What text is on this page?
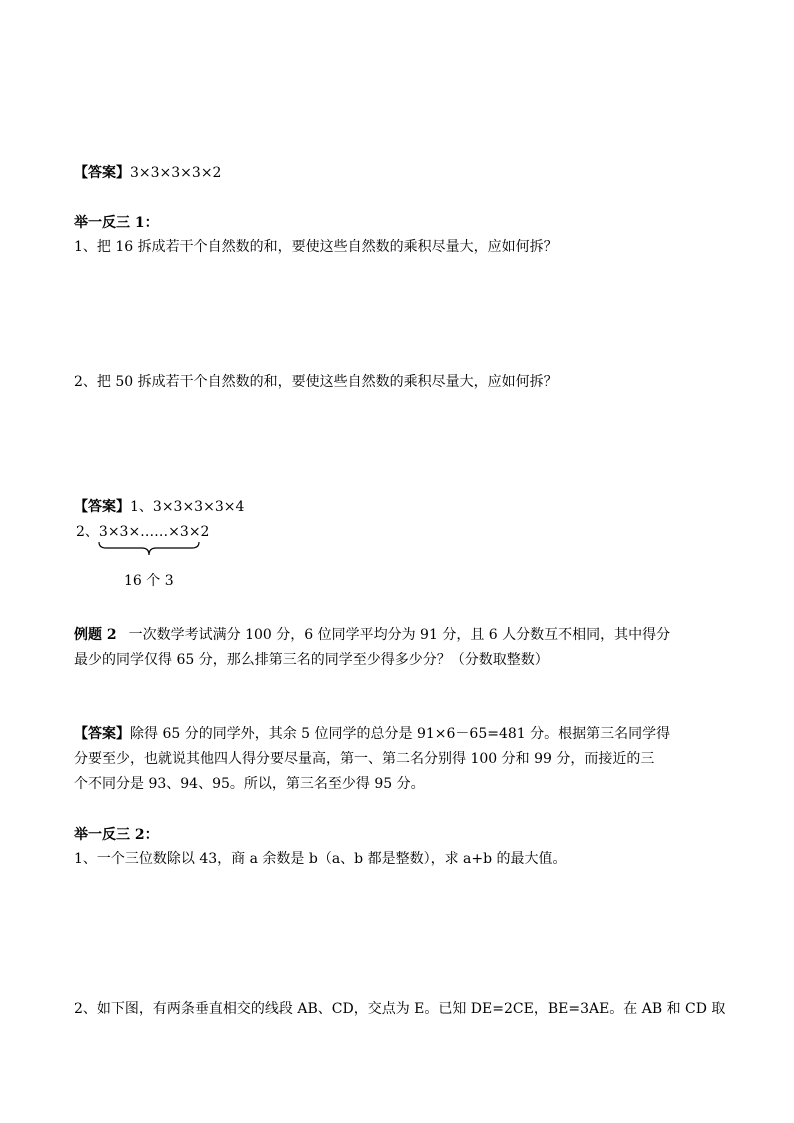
【答案】3×3×3×3×2
举一反三 1：
1、把 16 拆成若干个自然数的和，要使这些自然数的乘积尽量大，应如何拆？
2、把 50 拆成若干个自然数的和，要使这些自然数的乘积尽量大，应如何拆？
【答案】1、3×3×3×3×4
2、3×3×……×3×2
16 个 3
例题 2 一次数学考试满分 100 分，6 位同学平均分为 91 分，且 6 人分数互不相同，其中得分
最少的同学仅得 65 分，那么排第三名的同学至少得多少分？（分数取整数）
【答案】除得 65 分的同学外，其余 5 位同学的总分是 91×6－65=481 分。根据第三名同学得
分要至少，也就说其他四人得分要尽量高，第一、第二名分别得 100 分和 99 分，而接近的三
个不同分是 93、94、95。所以，第三名至少得 95 分。
举一反三 2：
1、一个三位数除以 43，商 a 余数是 b（a、b 都是整数），求 a+b 的最大值。
2、如下图，有两条垂直相交的线段 AB、CD，交点为 E。已知 DE=2CE，BE=3AE。在 AB 和 CD 取
